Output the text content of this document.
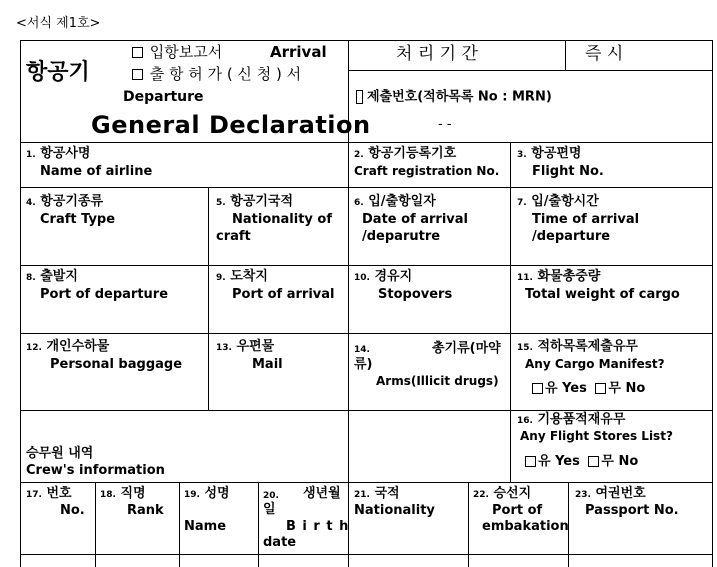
<서식 제1호>
항공기
입항보고서	Arrival
출 항 허 가 ( 신 청 ) 서
Departure
General Declaration
처 리 기 간	즉 시
제출번호(적하목록 No : MRN)
- -
1. 항공사명
Name of airline
2. 항공기등록기호
Craft registration No.
3. 항공편명
Flight No.
4. 항공기종류
Craft Type
5. 항공기국적
Nationality of
craft
6. 입/출항일자
Date of arrival
/deparutre
7. 입/출항시간
Time of arrival
/departure
8. 출발지
Port of departure
9. 도착지
Port of arrival
10. 경유지
Stopovers
11. 화물총중량
Total weight of cargo
12. 개인수하물
Personal baggage
13. 우편물
Mail
14.	총기류(마약
류)
Arms(Illicit drugs)
15. 적하목록제출유무
Any Cargo Manifest?
유 Yes 무 No
승무원 내역
Crew's information
16. 기용품적재유무
Any Flight Stores List?
유 Yes 무 No
17. 번호
No.
18. 직명
Rank
19. 성명
Name
20. 생년월
일
B i r t h
date
21. 국적
Nationality
22. 승선지
Port of
embakation
23. 여권번호
Passport No.
